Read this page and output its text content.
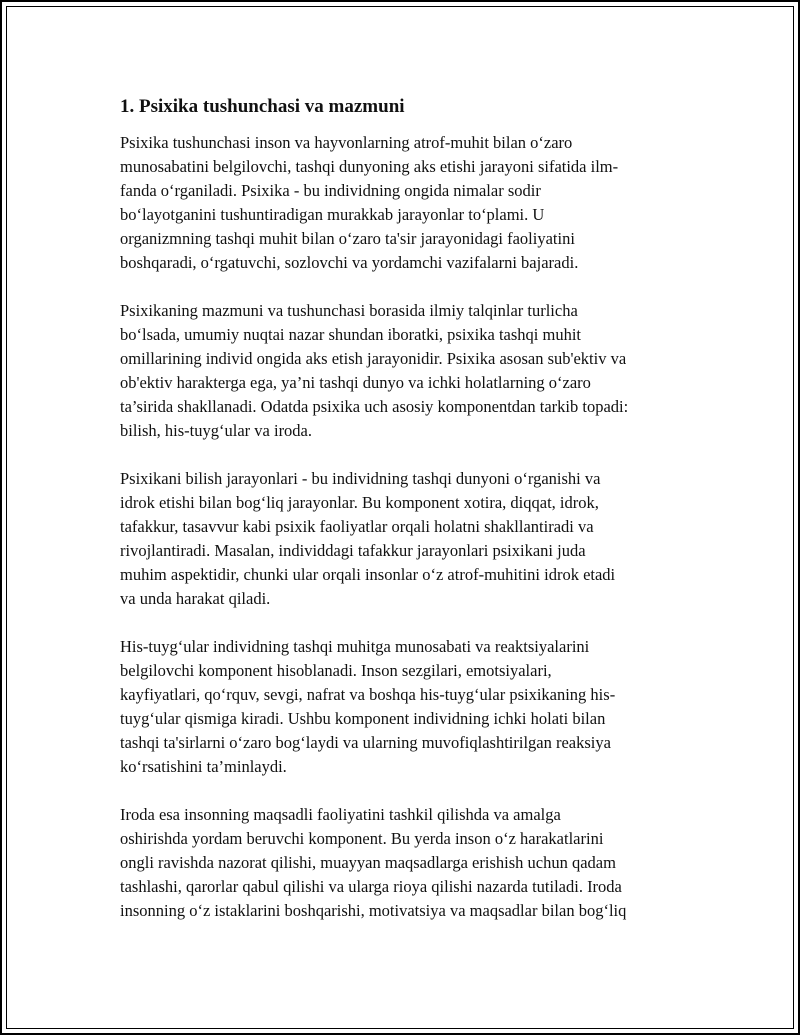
1. Psixika tushunchasi va mazmuni

Psixika tushunchasi inson va hayvonlarning atrof-muhit bilan oʻzaro
munosabatini belgilovchi, tashqi dunyoning aks etishi jarayoni sifatida ilm-
fanda oʻrganiladi. Psixika - bu individning ongida nimalar sodir
boʻlayotganini tushuntiradigan murakkab jarayonlar toʻplami. U
organizmning tashqi muhit bilan oʻzaro ta'sir jarayonidagi faoliyatini
boshqaradi, oʻrgatuvchi, sozlovchi va yordamchi vazifalarni bajaradi.

Psixikaning mazmuni va tushunchasi borasida ilmiy talqinlar turlicha
boʻlsada, umumiy nuqtai nazar shundan iboratki, psixika tashqi muhit
omillarining individ ongida aks etish jarayonidir. Psixika asosan sub'ektiv va
ob'ektiv harakterga ega, ya’ni tashqi dunyo va ichki holatlarning oʻzaro
ta’sirida shakllanadi. Odatda psixika uch asosiy komponentdan tarkib topadi:
bilish, his-tuygʻular va iroda.

Psixikani bilish jarayonlari - bu individning tashqi dunyoni oʻrganishi va
idrok etishi bilan bogʻliq jarayonlar. Bu komponent xotira, diqqat, idrok,
tafakkur, tasavvur kabi psixik faoliyatlar orqali holatni shakllantiradi va
rivojlantiradi. Masalan, individdagi tafakkur jarayonlari psixikani juda
muhim aspektidir, chunki ular orqali insonlar oʻz atrof-muhitini idrok etadi
va unda harakat qiladi.

His-tuygʻular individning tashqi muhitga munosabati va reaktsiyalarini
belgilovchi komponent hisoblanadi. Inson sezgilari, emotsiyalari,
kayfiyatlari, qoʻrquv, sevgi, nafrat va boshqa his-tuygʻular psixikaning his-
tuygʻular qismiga kiradi. Ushbu komponent individning ichki holati bilan
tashqi ta'sirlarni oʻzaro bogʻlaydi va ularning muvofiqlashtirilgan reaksiya
koʻrsatishini ta’minlaydi.

Iroda esa insonning maqsadli faoliyatini tashkil qilishda va amalga
oshirishda yordam beruvchi komponent. Bu yerda inson oʻz harakatlarini
ongli ravishda nazorat qilishi, muayyan maqsadlarga erishish uchun qadam
tashlashi, qarorlar qabul qilishi va ularga rioya qilishi nazarda tutiladi. Iroda
insonning oʻz istaklarini boshqarishi, motivatsiya va maqsadlar bilan bogʻliq
